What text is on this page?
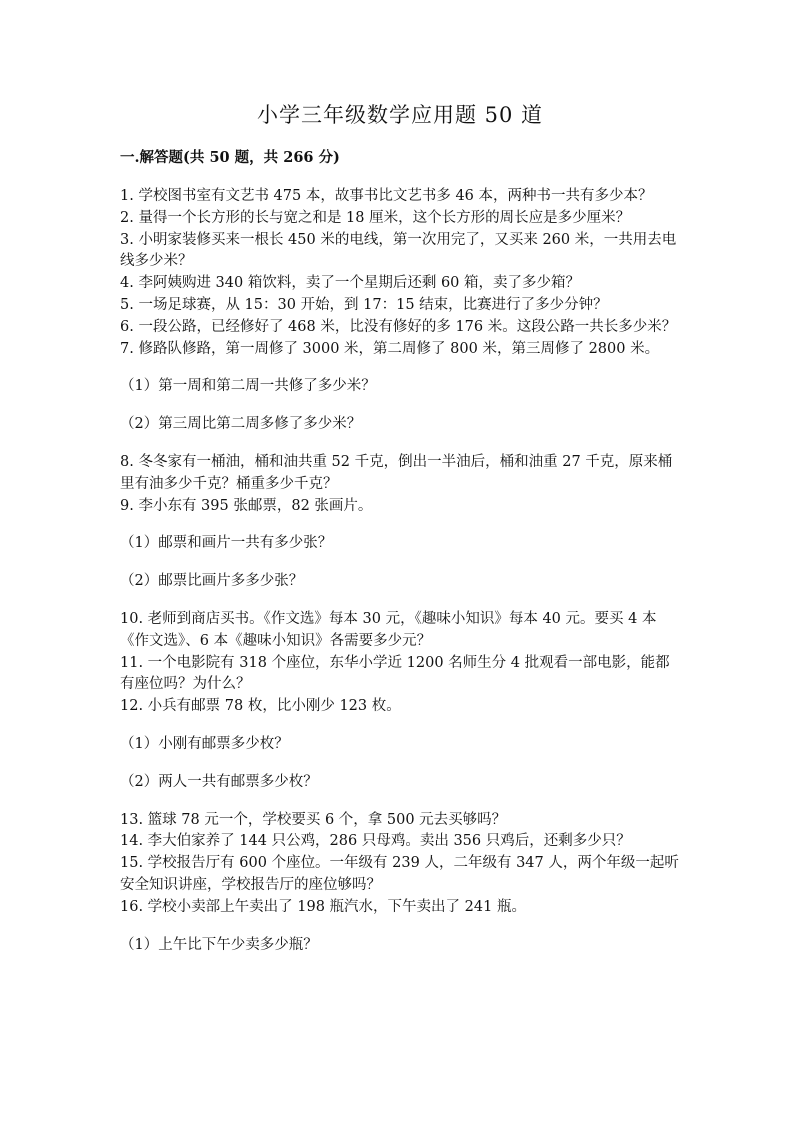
小学三年级数学应用题 50 道
一.解答题(共 50 题，共 266 分)

1. 学校图书室有文艺书 475 本，故事书比文艺书多 46 本，两种书一共有多少本？

2. 量得一个长方形的长与宽之和是 18 厘米，这个长方形的周长应是多少厘米？

3. 小明家装修买来一根长 450 米的电线，第一次用完了，又买来 260 米，一共用去电线多少米？

4. 李阿姨购进 340 箱饮料，卖了一个星期后还剩 60 箱，卖了多少箱？

5. 一场足球赛，从 15：30 开始，到 17：15 结束，比赛进行了多少分钟？

6. 一段公路，已经修好了 468 米，比没有修好的多 176 米。这段公路一共长多少米？

7. 修路队修路，第一周修了 3000 米，第二周修了 800 米，第三周修了 2800 米。

（1）第一周和第二周一共修了多少米？

（2）第三周比第二周多修了多少米？

8. 冬冬家有一桶油，桶和油共重 52 千克，倒出一半油后，桶和油重 27 千克，原来桶里有油多少千克？桶重多少千克？

9. 李小东有 395 张邮票，82 张画片。

（1）邮票和画片一共有多少张？

（2）邮票比画片多多少张？

10. 老师到商店买书。《作文选》每本 30 元，《趣味小知识》每本 40 元。要买 4 本《作文选》、6 本《趣味小知识》各需要多少元？

11. 一个电影院有 318 个座位，东华小学近 1200 名师生分 4 批观看一部电影，能都有座位吗？为什么？

12. 小兵有邮票 78 枚，比小刚少 123 枚。

（1）小刚有邮票多少枚？

（2）两人一共有邮票多少枚？

13. 篮球 78 元一个，学校要买 6 个，拿 500 元去买够吗？

14. 李大伯家养了 144 只公鸡，286 只母鸡。卖出 356 只鸡后，还剩多少只？

15. 学校报告厅有 600 个座位。一年级有 239 人，二年级有 347 人，两个年级一起听安全知识讲座，学校报告厅的座位够吗？

16. 学校小卖部上午卖出了 198 瓶汽水，下午卖出了 241 瓶。

（1）上午比下午少卖多少瓶？
